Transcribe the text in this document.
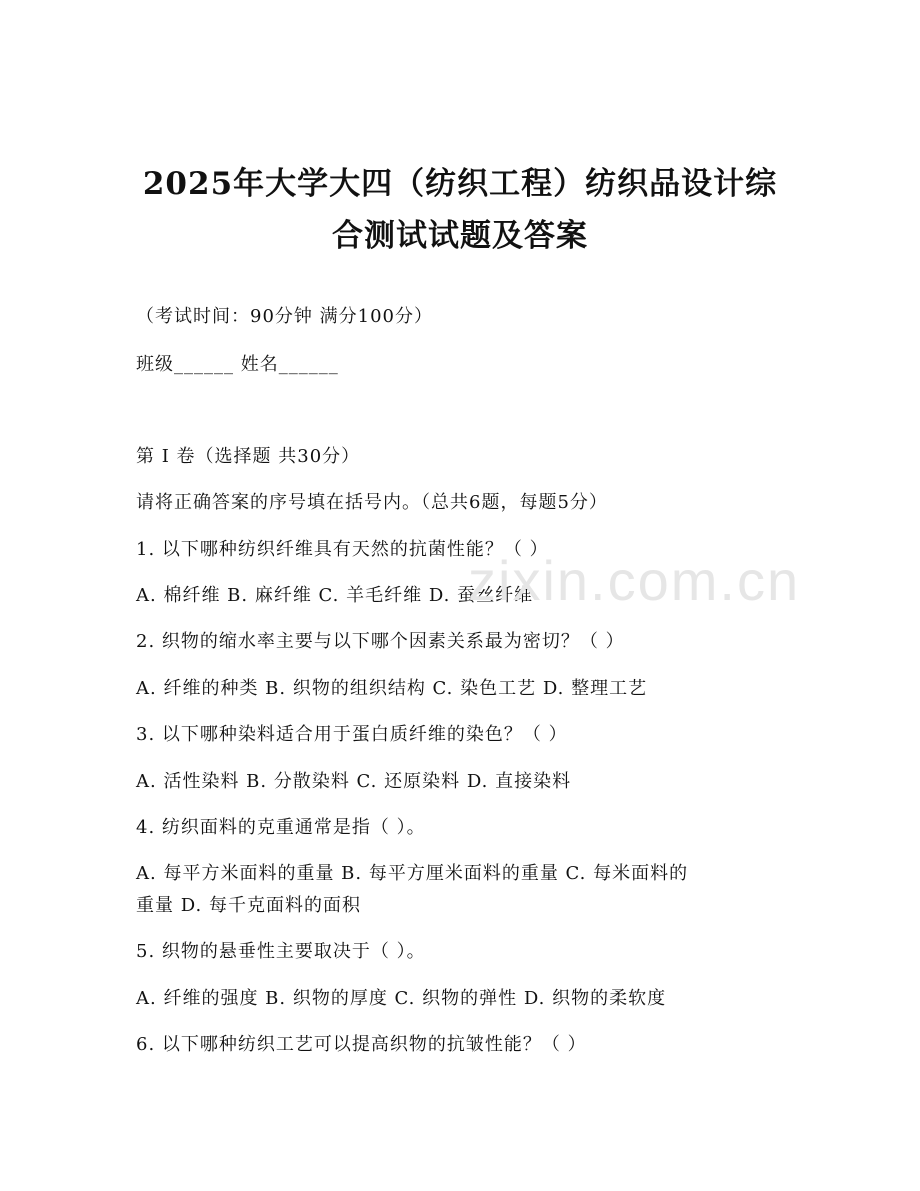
2025年大学大四（纺织工程）纺织品设计综
合测试试题及答案
（考试时间：90分钟 满分100分）
班级______ 姓名______
第 I 卷（选择题 共30分）
请将正确答案的序号填在括号内。（总共6题，每题5分）
1. 以下哪种纺织纤维具有天然的抗菌性能？（ ）
A. 棉纤维 B. 麻纤维 C. 羊毛纤维 D. 蚕丝纤维
2. 织物的缩水率主要与以下哪个因素关系最为密切？（ ）
A. 纤维的种类 B. 织物的组织结构 C. 染色工艺 D. 整理工艺
3. 以下哪种染料适合用于蛋白质纤维的染色？（ ）
A. 活性染料 B. 分散染料 C. 还原染料 D. 直接染料
4. 纺织面料的克重通常是指（ ）。
A. 每平方米面料的重量 B. 每平方厘米面料的重量 C. 每米面料的
重量 D. 每千克面料的面积
5. 织物的悬垂性主要取决于（ ）。
A. 纤维的强度 B. 织物的厚度 C. 织物的弹性 D. 织物的柔软度
6. 以下哪种纺织工艺可以提高织物的抗皱性能？（ ）
zixin.com.cn
